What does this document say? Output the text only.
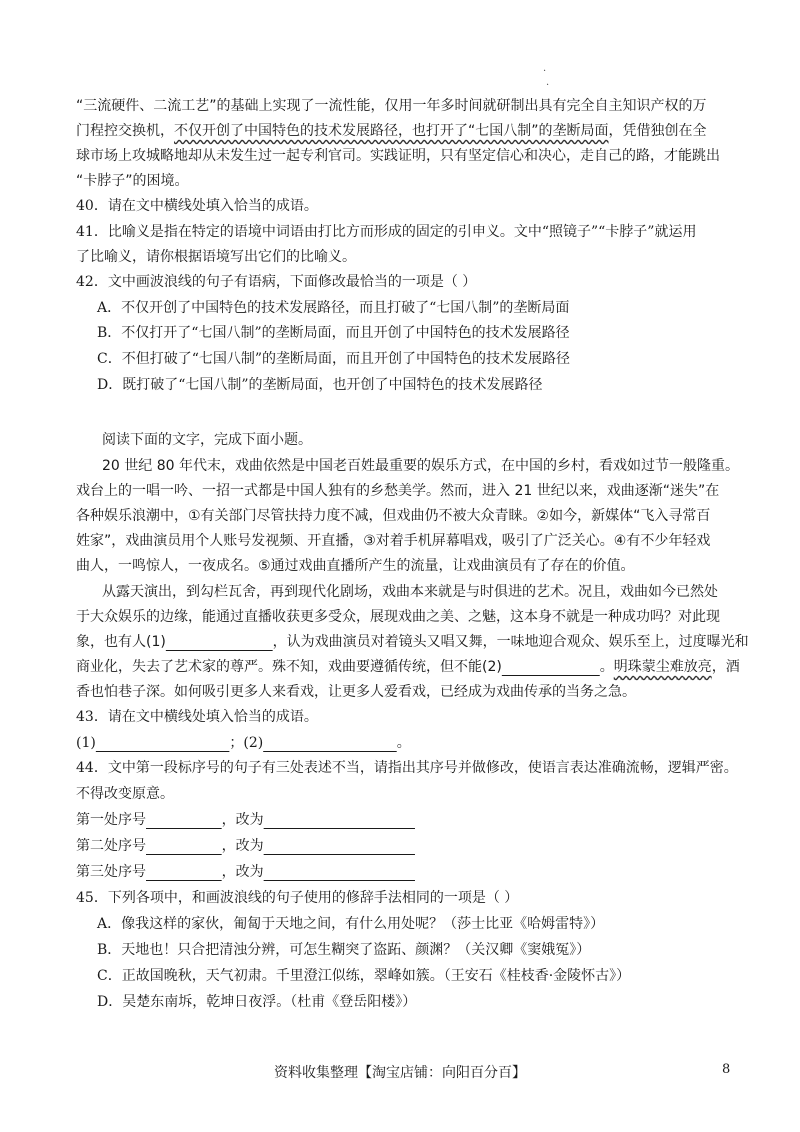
·
·
“三流硬件、二流工艺”的基础上实现了一流性能，仅用一年多时间就研制出具有完全自主知识产权的万
门程控交换机，不仅开创了中国特色的技术发展路径，也打开了“七国八制”的垄断局面，凭借独创在全
球市场上攻城略地却从未发生过一起专利官司。实践证明，只有坚定信心和决心，走自己的路，才能跳出
“卡脖子”的困境。
40．请在文中横线处填入恰当的成语。
41．比喻义是指在特定的语境中词语由打比方而形成的固定的引申义。文中“照镜子”“卡脖子”就运用
了比喻义，请你根据语境写出它们的比喻义。
42．文中画波浪线的句子有语病，下面修改最恰当的一项是（ ）
A．不仅开创了中国特色的技术发展路径，而且打破了“七国八制”的垄断局面
B．不仅打开了“七国八制”的垄断局面，而且开创了中国特色的技术发展路径
C．不但打破了“七国八制”的垄断局面，而且开创了中国特色的技术发展路径
D．既打破了“七国八制”的垄断局面，也开创了中国特色的技术发展路径
阅读下面的文字，完成下面小题。
20 世纪 80 年代末，戏曲依然是中国老百姓最重要的娱乐方式，在中国的乡村，看戏如过节一般隆重。
戏台上的一唱一吟、一招一式都是中国人独有的乡愁美学。然而，进入 21 世纪以来，戏曲逐渐“迷失”在
各种娱乐浪潮中，①有关部门尽管扶持力度不减，但戏曲仍不被大众青睐。②如今，新媒体“飞入寻常百
姓家”，戏曲演员用个人账号发视频、开直播，③对着手机屏幕唱戏，吸引了广泛关心。④有不少年轻戏
曲人，一鸣惊人，一夜成名。⑤通过戏曲直播所产生的流量，让戏曲演员有了存在的价值。
从露天演出，到勾栏瓦舍，再到现代化剧场，戏曲本来就是与时俱进的艺术。况且，戏曲如今已然处
于大众娱乐的边缘，能通过直播收获更多受众，展现戏曲之美、之魅，这本身不就是一种成功吗？对此现
象，也有人(1)	，认为戏曲演员对着镜头又唱又舞，一味地迎合观众、娱乐至上，过度曝光和
商业化，失去了艺术家的尊严。殊不知，戏曲要遵循传统，但不能(2)	。明珠蒙尘难放亮，酒
香也怕巷子深。如何吸引更多人来看戏，让更多人爱看戏，已经成为戏曲传承的当务之急。
43．请在文中横线处填入恰当的成语。
(1)	；(2)	。
44．文中第一段标序号的句子有三处表述不当，请指出其序号并做修改，使语言表达准确流畅，逻辑严密。
不得改变原意。
第一处序号	，改为
第二处序号	，改为
第三处序号	，改为
45．下列各项中，和画波浪线的句子使用的修辞手法相同的一项是（ ）
A．像我这样的家伙，匍匐于天地之间，有什么用处呢？（莎士比亚《哈姆雷特》）
B．天地也！只合把清浊分辨，可怎生糊突了盗跖、颜渊？（关汉卿《窦娥冤》）
C．正故国晚秋，天气初肃。千里澄江似练，翠峰如簇。（王安石《桂枝香·金陵怀古》）
D．吴楚东南坼，乾坤日夜浮。（杜甫《登岳阳楼》）
资料收集整理【淘宝店铺：向阳百分百】	8
